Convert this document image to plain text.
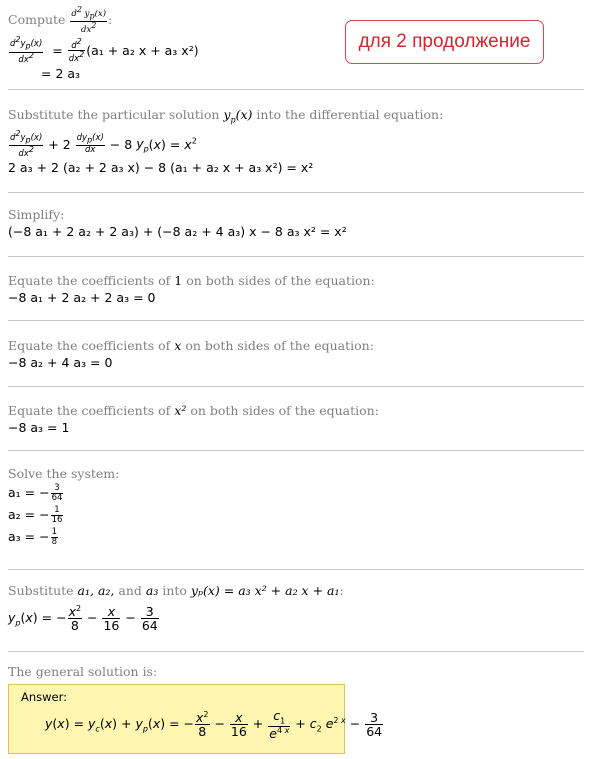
для 2 продолжение
Compute $\frac{d^2 y_p(x)}{dx^2}$ :
$\frac{d^2y_p(x)}{dx^2} = \frac{d^2}{dx^2} (a_1 + a_2$ x + a₃ x²)
= 2 a₃
Substitute the particular solution $y_p(x)$ into the differential equation:
$\frac{d^2y_p(x)}{dx^2} + 2 \frac{dy_p(x)}{dx} - 8$ $y_p(x) = x^2$
2 a₃ + 2 (a₂ + 2 a₃ x) − 8 (a₁ + a₂ x + a₃ x²) = x²
Simplify:
(−8 a₁ + 2 a₂ + 2 a₃) + (−8 a₂ + 4 a₃) x − 8 a₃ x² = x²
Equate the coefficients of 1 on both sides of the equation:
−8 a₁ + 2 a₂ + 2 a₃ = 0
Equate the coefficients of x on both sides of the equation:
−8 a₂ + 4 a₃ = 0
Equate the coefficients of x² on both sides of the equation:
−8 a₃ = 1
Solve the system:
a₁ = − $\frac{3}{64}$
a₂ = − $\frac{1}{16}$
a₃ = − $\frac{1}{8}$
Substitute a₁, a₂, and a₃ into yₚ(x) = a₃ x² + a₂ x + a₁:
$y_p(x)$ = − $\frac{x^2}{8} - \frac{x}{16} - \frac{3}{64}$
The general solution is:
Answer:
$y(x) = y_c(x) + y_p(x)$ = − $\frac{x^2}{8} - \frac{x}{16} + \frac{c_1}{e^{4 x}} + c_2$ $e^{2 x} - \frac{3}{64}$
